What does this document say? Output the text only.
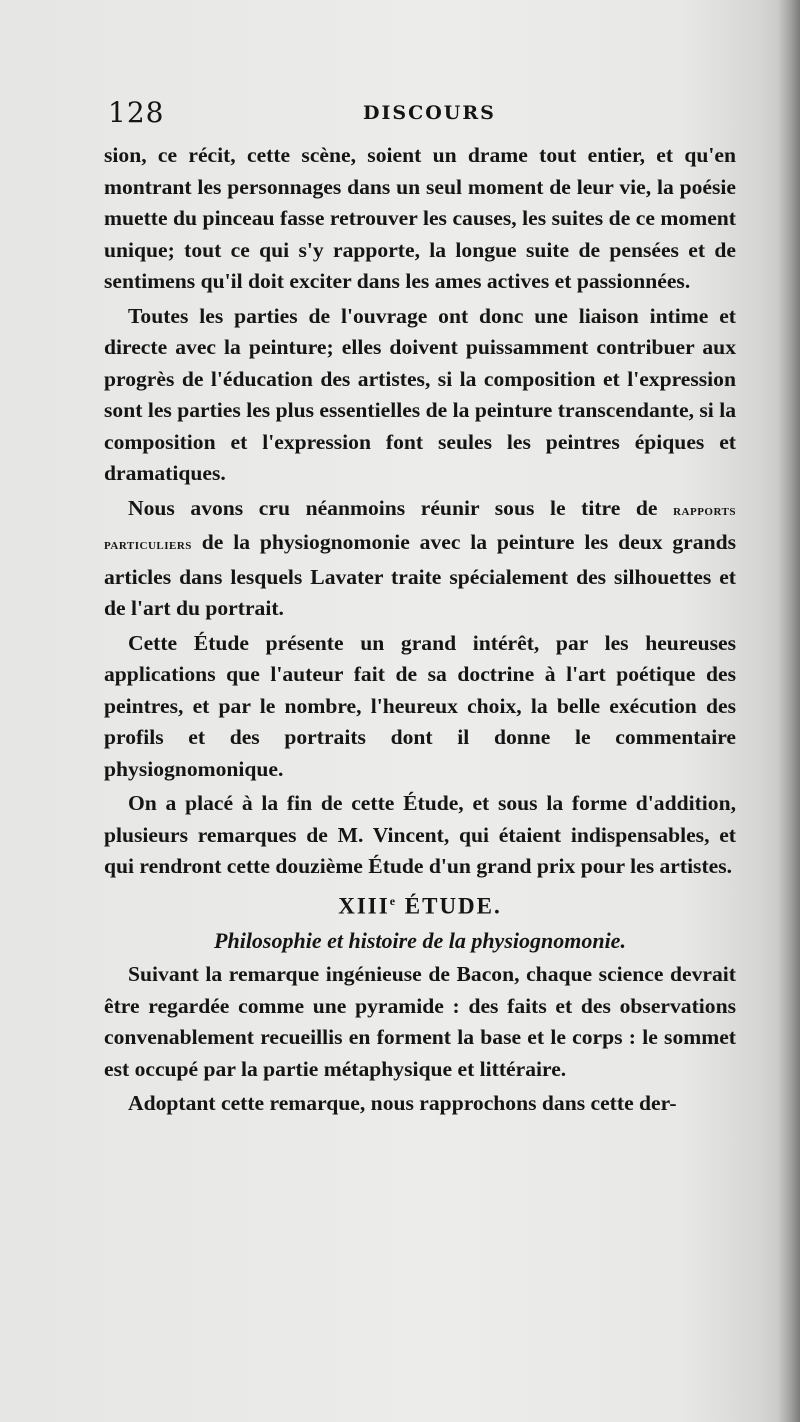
128	DISCOURS

sion, ce récit, cette scène, soient un drame tout entier, et qu'en montrant les personnages dans un seul moment de leur vie, la poésie muette du pinceau fasse retrouver les causes, les suites de ce moment unique; tout ce qui s'y rapporte, la longue suite de pensées et de sentimens qu'il doit exciter dans les ames actives et passionnées.

Toutes les parties de l'ouvrage ont donc une liaison intime et directe avec la peinture; elles doivent puissamment contribuer aux progrès de l'éducation des artistes, si la composition et l'expression sont les parties les plus essentielles de la peinture transcendante, si la composition et l'expression font seules les peintres épiques et dramatiques.

Nous avons cru néanmoins réunir sous le titre de rapports particuliers de la physiognomonie avec la peinture les deux grands articles dans lesquels Lavater traite spécialement des silhouettes et de l'art du portrait.

Cette Étude présente un grand intérêt, par les heureuses applications que l'auteur fait de sa doctrine à l'art poétique des peintres, et par le nombre, l'heureux choix, la belle exécution des profils et des portraits dont il donne le commentaire physiognomonique.

On a placé à la fin de cette Étude, et sous la forme d'addition, plusieurs remarques de M. Vincent, qui étaient indispensables, et qui rendront cette douzième Étude d'un grand prix pour les artistes.

XIIIe ÉTUDE.

Philosophie et histoire de la physiognomonie.

Suivant la remarque ingénieuse de Bacon, chaque science devrait être regardée comme une pyramide : des faits et des observations convenablement recueillis en forment la base et le corps : le sommet est occupé par la partie métaphysique et littéraire.

Adoptant cette remarque, nous rapprochons dans cette der-
